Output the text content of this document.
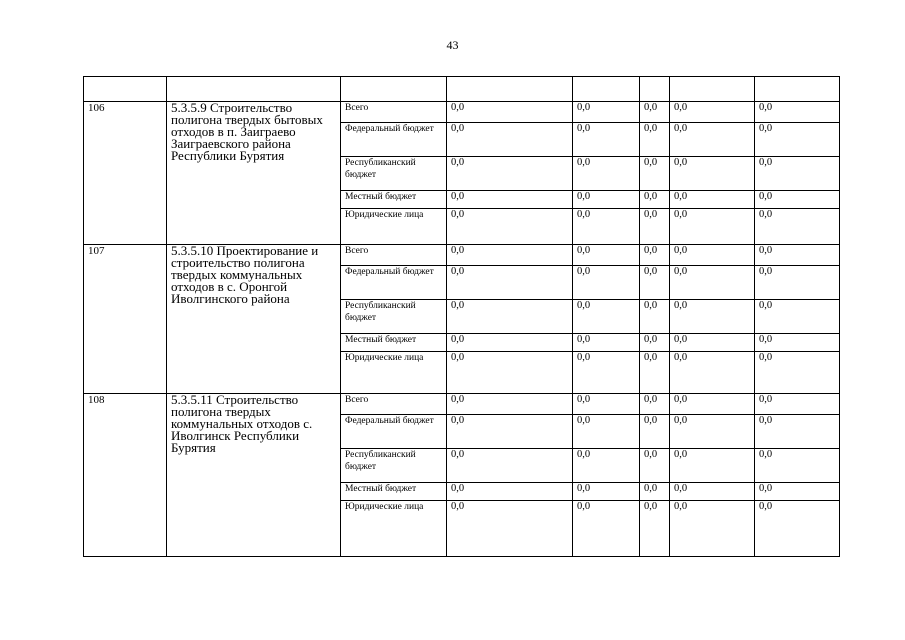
43

106	5.3.5.9 Строительство полигона твердых бытовых отходов в п. Заиграево Заиграевского района Республики Бурятия	Всего	0,0	0,0	0,0	0,0	0,0
		Федеральный бюджет	0,0	0,0	0,0	0,0	0,0
		Республиканский бюджет	0,0	0,0	0,0	0,0	0,0
		Местный бюджет	0,0	0,0	0,0	0,0	0,0
		Юридические лица	0,0	0,0	0,0	0,0	0,0
107	5.3.5.10 Проектирование и строительство полигона твердых коммунальных отходов в с. Оронгой Иволгинского района	Всего	0,0	0,0	0,0	0,0	0,0
		Федеральный бюджет	0,0	0,0	0,0	0,0	0,0
		Республиканский бюджет	0,0	0,0	0,0	0,0	0,0
		Местный бюджет	0,0	0,0	0,0	0,0	0,0
		Юридические лица	0,0	0,0	0,0	0,0	0,0
108	5.3.5.11 Строительство полигона твердых коммунальных отходов с. Иволгинск Республики Бурятия	Всего	0,0	0,0	0,0	0,0	0,0
		Федеральный бюджет	0,0	0,0	0,0	0,0	0,0
		Республиканский бюджет	0,0	0,0	0,0	0,0	0,0
		Местный бюджет	0,0	0,0	0,0	0,0	0,0
		Юридические лица	0,0	0,0	0,0	0,0	0,0
